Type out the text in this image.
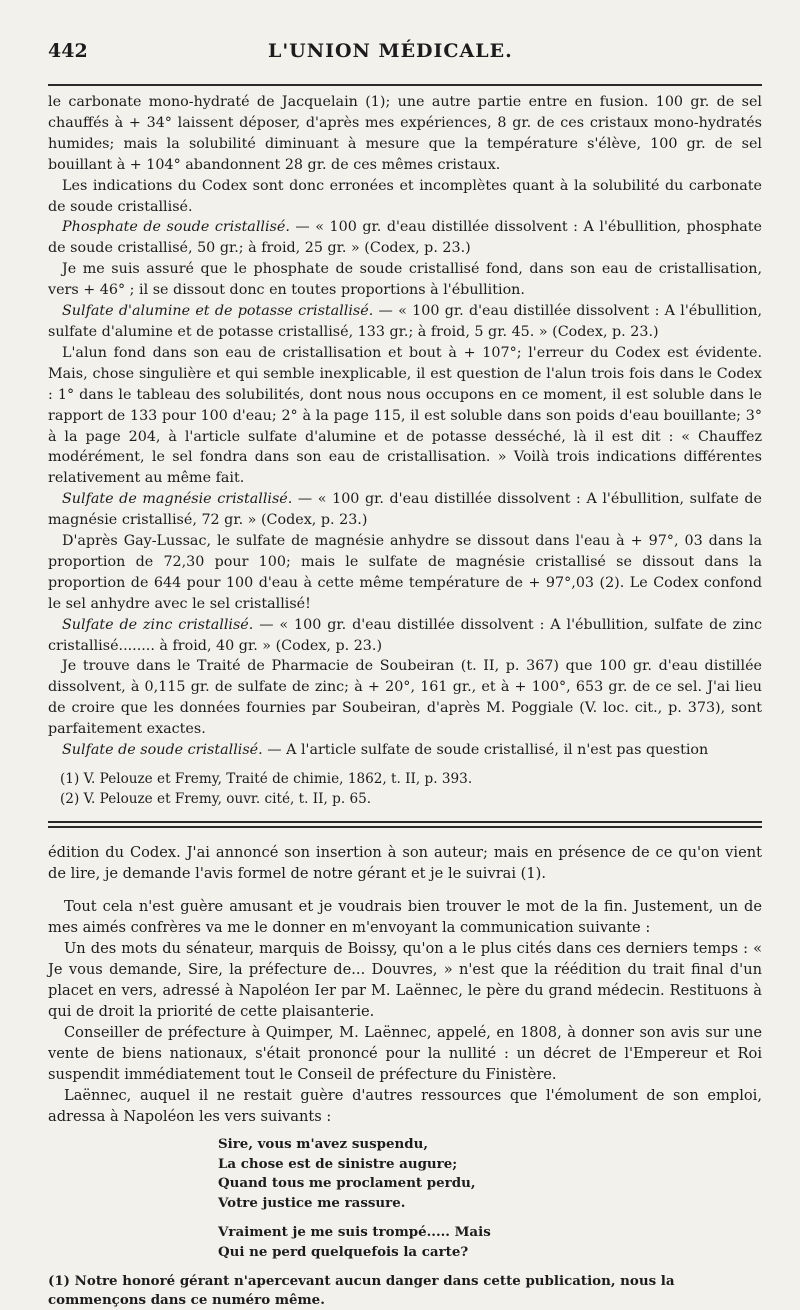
442	L'UNION MÉDICALE.

le carbonate mono-hydraté de Jacquelain (1); une autre partie entre en fusion. 100 gr. de sel chauffés à + 34° laissent déposer, d'après mes expériences, 8 gr. de ces cristaux mono-hydratés humides; mais la solubilité diminuant à mesure que la température s'élève, 100 gr. de sel bouillant à + 104° abandonnent 28 gr. de ces mêmes cristaux.

Les indications du Codex sont donc erronées et incomplètes quant à la solubilité du carbonate de soude cristallisé.

Phosphate de soude cristallisé. — « 100 gr. d'eau distillée dissolvent : A l'ébullition, phosphate de soude cristallisé, 50 gr.; à froid, 25 gr. » (Codex, p. 23.)

Je me suis assuré que le phosphate de soude cristallisé fond, dans son eau de cristallisation, vers + 46° ; il se dissout donc en toutes proportions à l'ébullition.

Sulfate d'alumine et de potasse cristallisé. — « 100 gr. d'eau distillée dissolvent : A l'ébullition, sulfate d'alumine et de potasse cristallisé, 133 gr.; à froid, 5 gr. 45. » (Codex, p. 23.)

L'alun fond dans son eau de cristallisation et bout à + 107°; l'erreur du Codex est évidente. Mais, chose singulière et qui semble inexplicable, il est question de l'alun trois fois dans le Codex : 1° dans le tableau des solubilités, dont nous nous occupons en ce moment, il est soluble dans le rapport de 133 pour 100 d'eau; 2° à la page 115, il est soluble dans son poids d'eau bouillante; 3° à la page 204, à l'article sulfate d'alumine et de potasse desséché, là il est dit : « Chauffez modérément, le sel fondra dans son eau de cristallisation. » Voilà trois indications différentes relativement au même fait.

Sulfate de magnésie cristallisé. — « 100 gr. d'eau distillée dissolvent : A l'ébullition, sulfate de magnésie cristallisé, 72 gr. » (Codex, p. 23.)

D'après Gay-Lussac, le sulfate de magnésie anhydre se dissout dans l'eau à + 97°, 03 dans la proportion de 72,30 pour 100; mais le sulfate de magnésie cristallisé se dissout dans la proportion de 644 pour 100 d'eau à cette même température de + 97°,03 (2). Le Codex confond le sel anhydre avec le sel cristallisé!

Sulfate de zinc cristallisé. — « 100 gr. d'eau distillée dissolvent : A l'ébullition, sulfate de zinc cristallisé........ à froid, 40 gr. » (Codex, p. 23.)

Je trouve dans le Traité de Pharmacie de Soubeiran (t. II, p. 367) que 100 gr. d'eau distillée dissolvent, à 0,115 gr. de sulfate de zinc; à + 20°, 161 gr., et à + 100°, 653 gr. de ce sel. J'ai lieu de croire que les données fournies par Soubeiran, d'après M. Poggiale (V. loc. cit., p. 373), sont parfaitement exactes.

Sulfate de soude cristallisé. — A l'article sulfate de soude cristallisé, il n'est pas question

(1) V. Pelouze et Fremy, Traité de chimie, 1862, t. II, p. 393.

(2) V. Pelouze et Fremy, ouvr. cité, t. II, p. 65.

édition du Codex. J'ai annoncé son insertion à son auteur; mais en présence de ce qu'on vient de lire, je demande l'avis formel de notre gérant et je le suivrai (1).

Tout cela n'est guère amusant et je voudrais bien trouver le mot de la fin. Justement, un de mes aimés confrères va me le donner en m'envoyant la communication suivante :

Un des mots du sénateur, marquis de Boissy, qu'on a le plus cités dans ces derniers temps : « Je vous demande, Sire, la préfecture de... Douvres, » n'est que la réédition du trait final d'un placet en vers, adressé à Napoléon Ier par M. Laënnec, le père du grand médecin. Restituons à qui de droit la priorité de cette plaisanterie.

Conseiller de préfecture à Quimper, M. Laënnec, appelé, en 1808, à donner son avis sur une vente de biens nationaux, s'était prononcé pour la nullité : un décret de l'Empereur et Roi suspendit immédiatement tout le Conseil de préfecture du Finistère.

Laënnec, auquel il ne restait guère d'autres ressources que l'émolument de son emploi, adressa à Napoléon les vers suivants :

Sire, vous m'avez suspendu,
La chose est de sinistre augure;
Quand tous me proclament perdu,
Votre justice me rassure.
Vraiment je me suis trompé..... Mais
Qui ne perd quelquefois la carte?

(1) Notre honoré gérant n'apercevant aucun danger dans cette publication, nous la commençons dans ce numéro même.
